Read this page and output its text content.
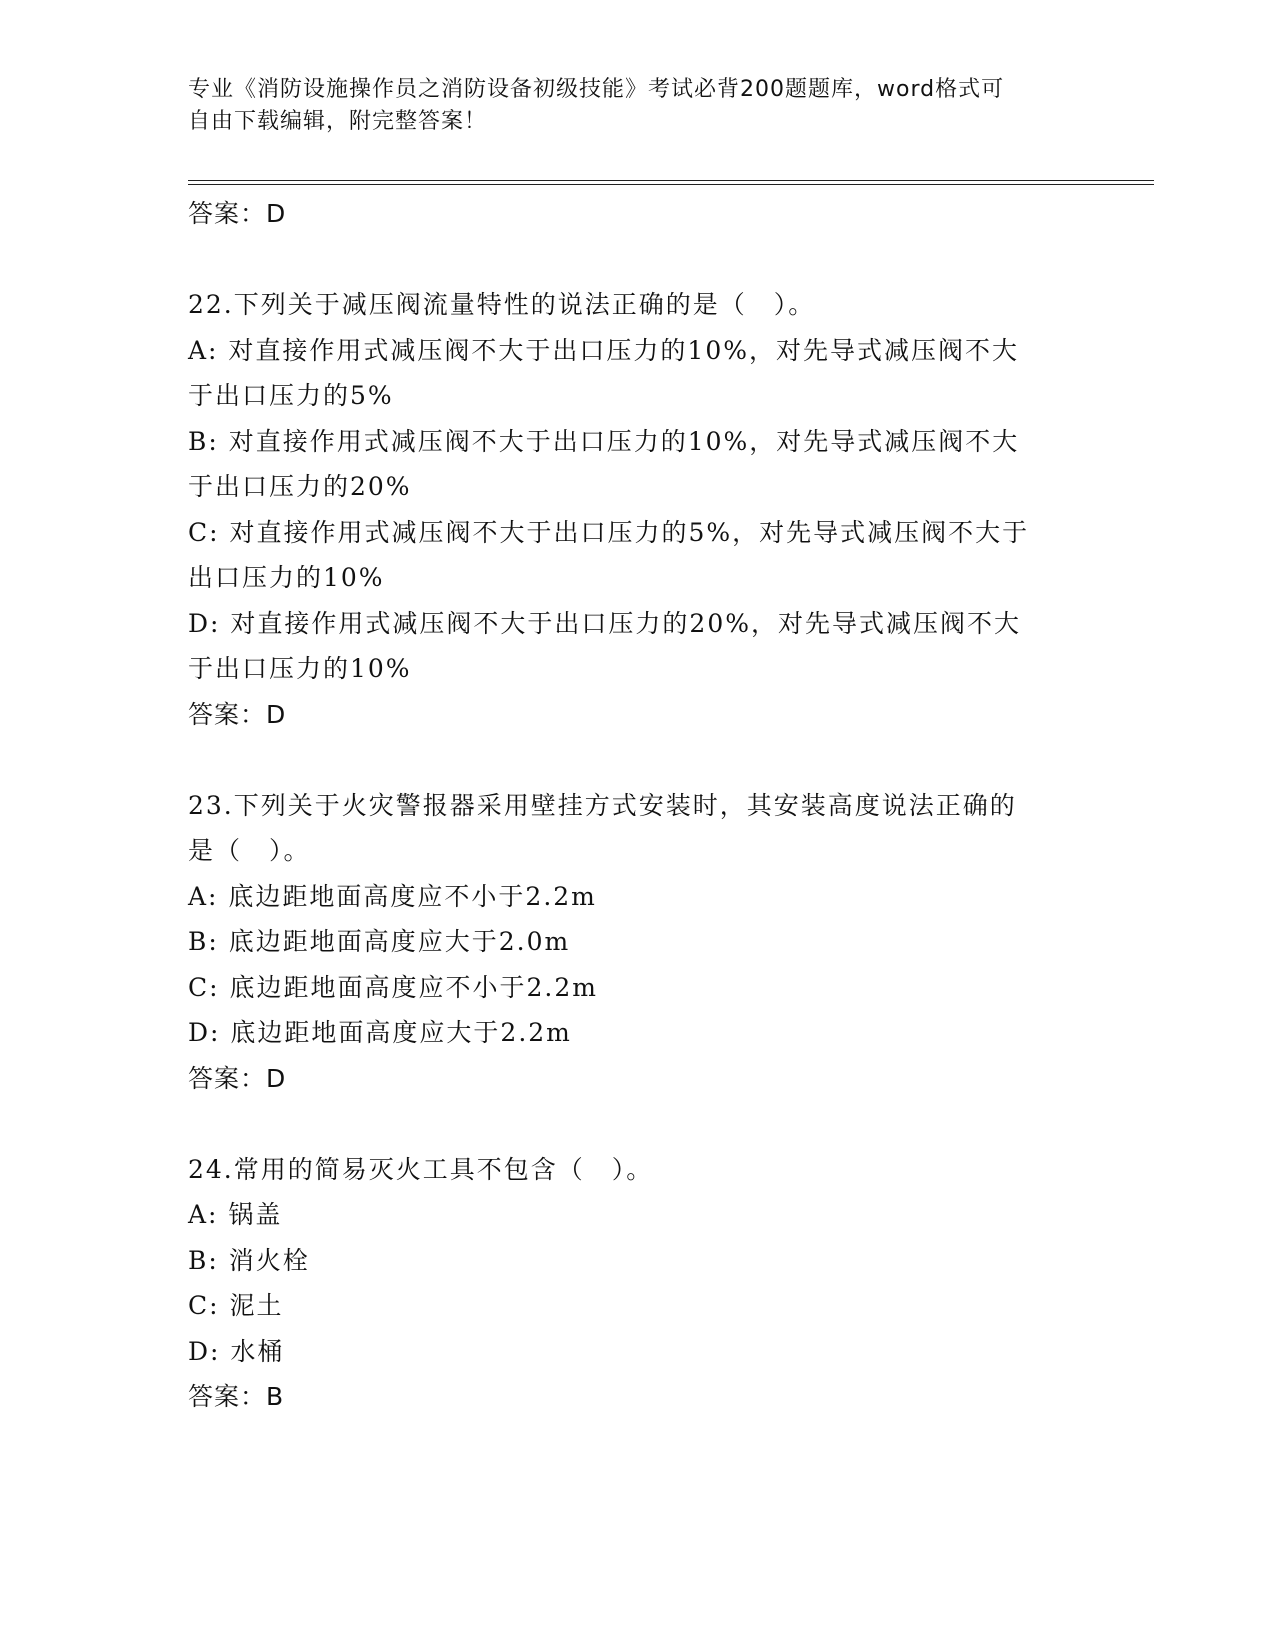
专业《消防设施操作员之消防设备初级技能》考试必背200题题库，word格式可
自由下载编辑，附完整答案！
答案：D
22.下列关于减压阀流量特性的说法正确的是（　）。
A: 对直接作用式减压阀不大于出口压力的10%，对先导式减压阀不大
于出口压力的5%
B: 对直接作用式减压阀不大于出口压力的10%，对先导式减压阀不大
于出口压力的20%
C: 对直接作用式减压阀不大于出口压力的5%，对先导式减压阀不大于
出口压力的10%
D: 对直接作用式减压阀不大于出口压力的20%，对先导式减压阀不大
于出口压力的10%
答案：D
23.下列关于火灾警报器采用壁挂方式安装时，其安装高度说法正确的
是（　）。
A: 底边距地面高度应不小于2.2m
B: 底边距地面高度应大于2.0m
C: 底边距地面高度应不小于2.2m
D: 底边距地面高度应大于2.2m
答案：D
24.常用的简易灭火工具不包含（　）。
A: 锅盖
B: 消火栓
C: 泥土
D: 水桶
答案：B
